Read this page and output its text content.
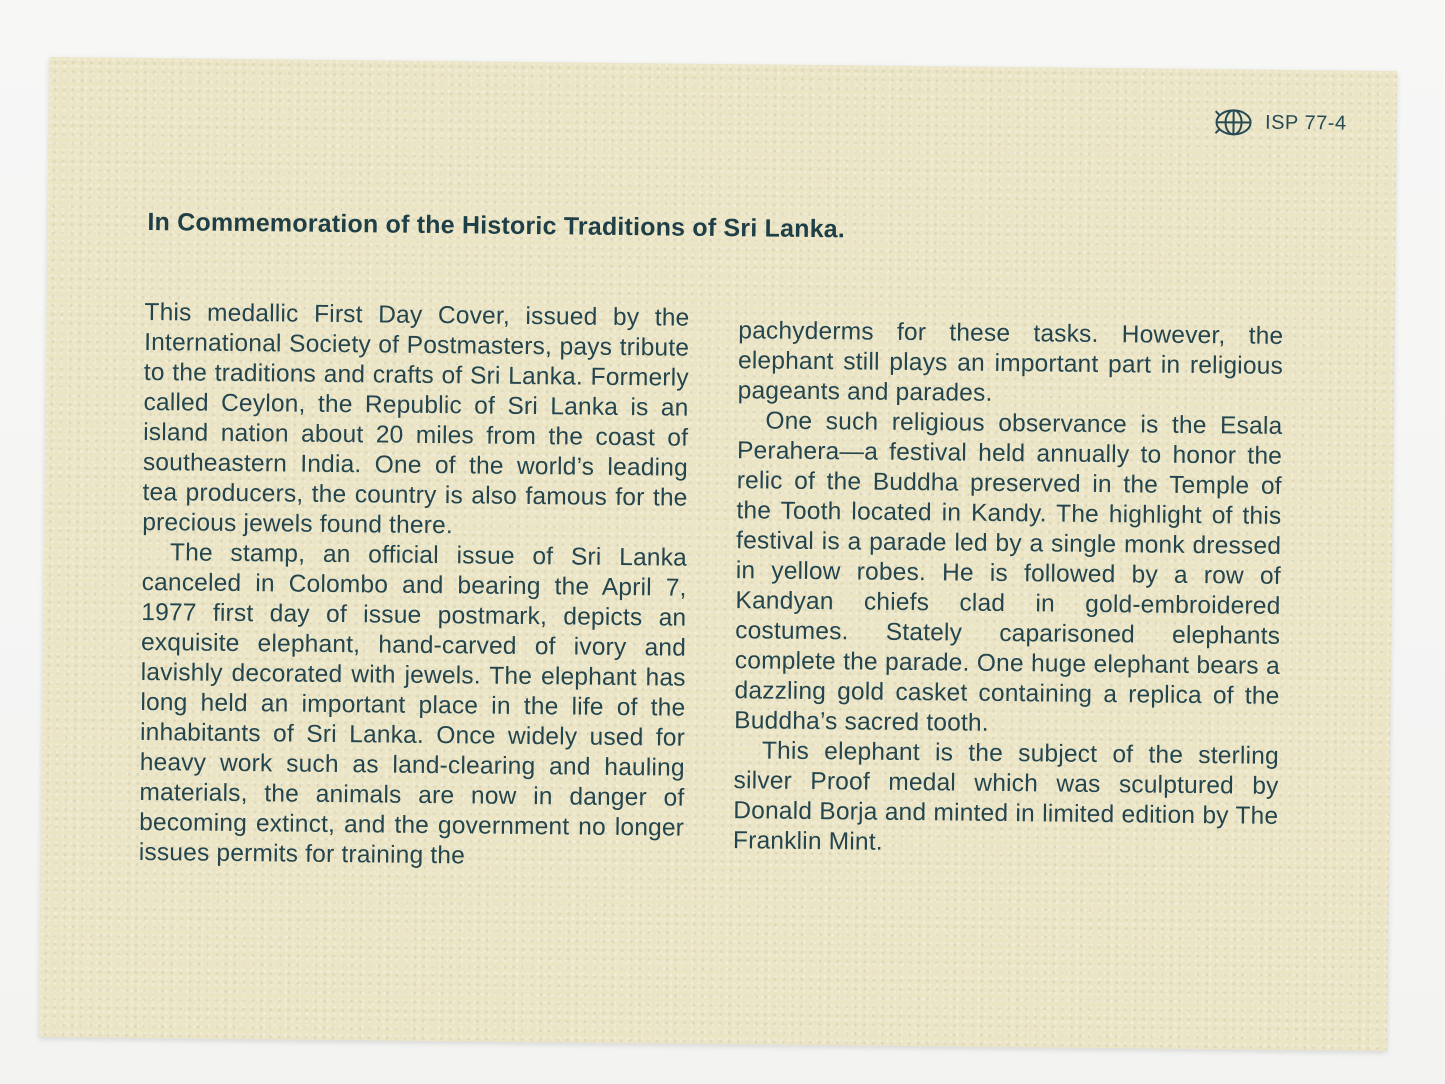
ISP 77-4
In Commemoration of the Historic Traditions of Sri Lanka.

This medallic First Day Cover, issued by the International Society of Postmasters, pays tribute to the traditions and crafts of Sri Lanka. Formerly called Ceylon, the Republic of Sri Lanka is an island nation about 20 miles from the coast of southeastern India. One of the world’s leading tea producers, the country is also famous for the precious jewels found there.

The stamp, an official issue of Sri Lanka canceled in Colombo and bearing the April 7, 1977 first day of issue postmark, depicts an exquisite elephant, hand-carved of ivory and lavishly decorated with jewels. The elephant has long held an important place in the life of the inhabitants of Sri Lanka. Once widely used for heavy work such as land-clearing and hauling materials, the animals are now in danger of becoming extinct, and the government no longer issues permits for training the

pachyderms for these tasks. However, the elephant still plays an important part in religious pageants and parades.

One such religious observance is the Esala Perahera—a festival held annually to honor the relic of the Buddha preserved in the Temple of the Tooth located in Kandy. The highlight of this festival is a parade led by a single monk dressed in yellow robes. He is followed by a row of Kandyan chiefs clad in gold-embroidered costumes. Stately caparisoned elephants complete the parade. One huge elephant bears a dazzling gold casket containing a replica of the Buddha’s sacred tooth.

This elephant is the subject of the sterling silver Proof medal which was sculptured by Donald Borja and minted in limited edition by The Franklin Mint.
